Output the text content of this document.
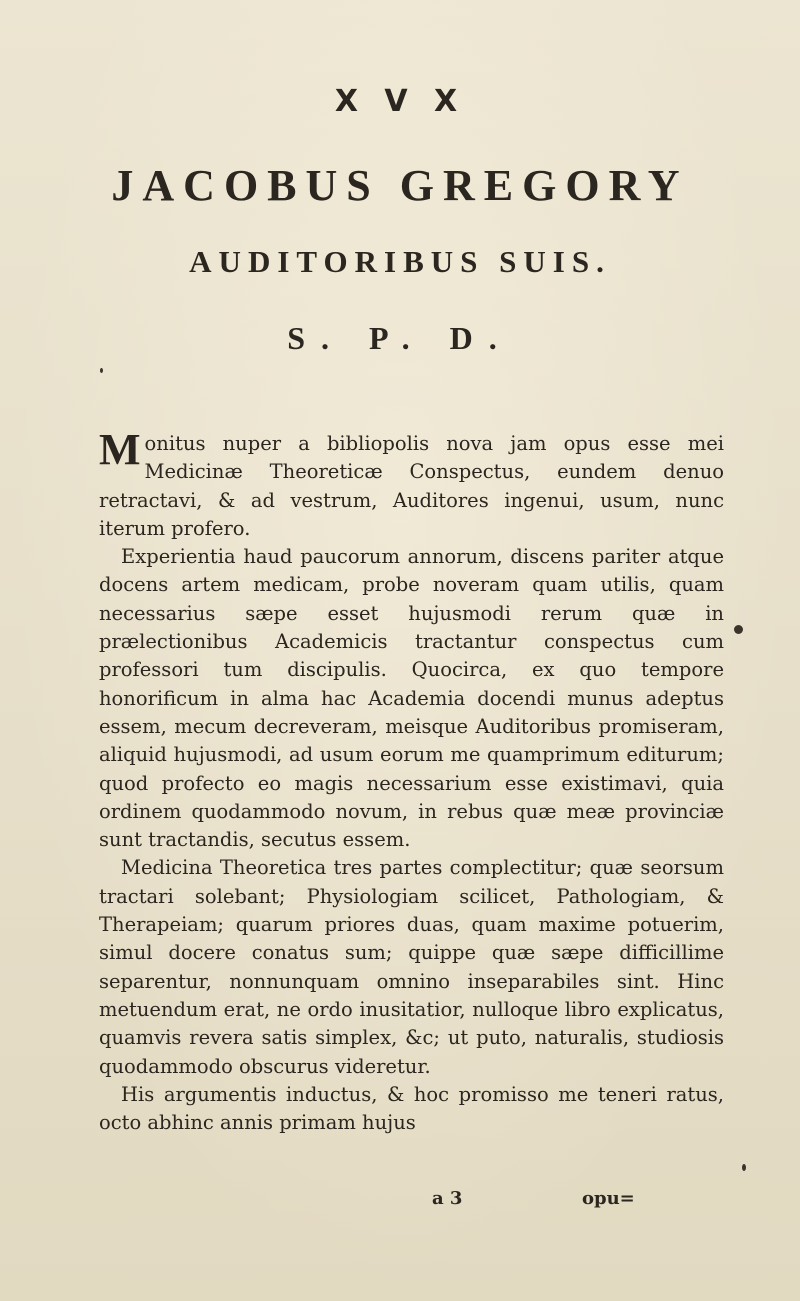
X V X
JACOBUS GREGORY
AUDITORIBUS SUIS.
S. P. D.

Monitus nuper a bibliopolis nova jam opus esse mei Medicinæ Theoreticæ Conspectus, eundem denuo retractavi, & ad vestrum, Auditores ingenui, usum, nunc iterum profero.

Experientia haud paucorum annorum, discens pariter atque docens artem medicam, probe noveram quam utilis, quam necessarius sæpe esset hujusmodi rerum quæ in prælectionibus Academicis tractantur conspectus cum professori tum discipulis. Quocirca, ex quo tempore honorificum in alma hac Academia docendi munus adeptus essem, mecum decreveram, meisque Auditoribus promiseram, aliquid hujusmodi, ad usum eorum me quamprimum editurum; quod profecto eo magis necessarium esse existimavi, quia ordinem quodammodo novum, in rebus quæ meæ provinciæ sunt tractandis, secutus essem.

Medicina Theoretica tres partes complectitur; quæ seorsum tractari solebant; Physiologiam scilicet, Pathologiam, & Therapeiam; quarum priores duas, quam maxime potuerim, simul docere conatus sum; quippe quæ sæpe difficillime separentur, nonnunquam omnino inseparabiles sint. Hinc metuendum erat, ne ordo inusitatior, nulloque libro explicatus, quamvis revera satis simplex, &c; ut puto, naturalis, studiosis quodammodo obscurus videretur.

His argumentis inductus, & hoc promisso me teneri ratus, octo abhinc annis primam hujus

a 3	opu=
